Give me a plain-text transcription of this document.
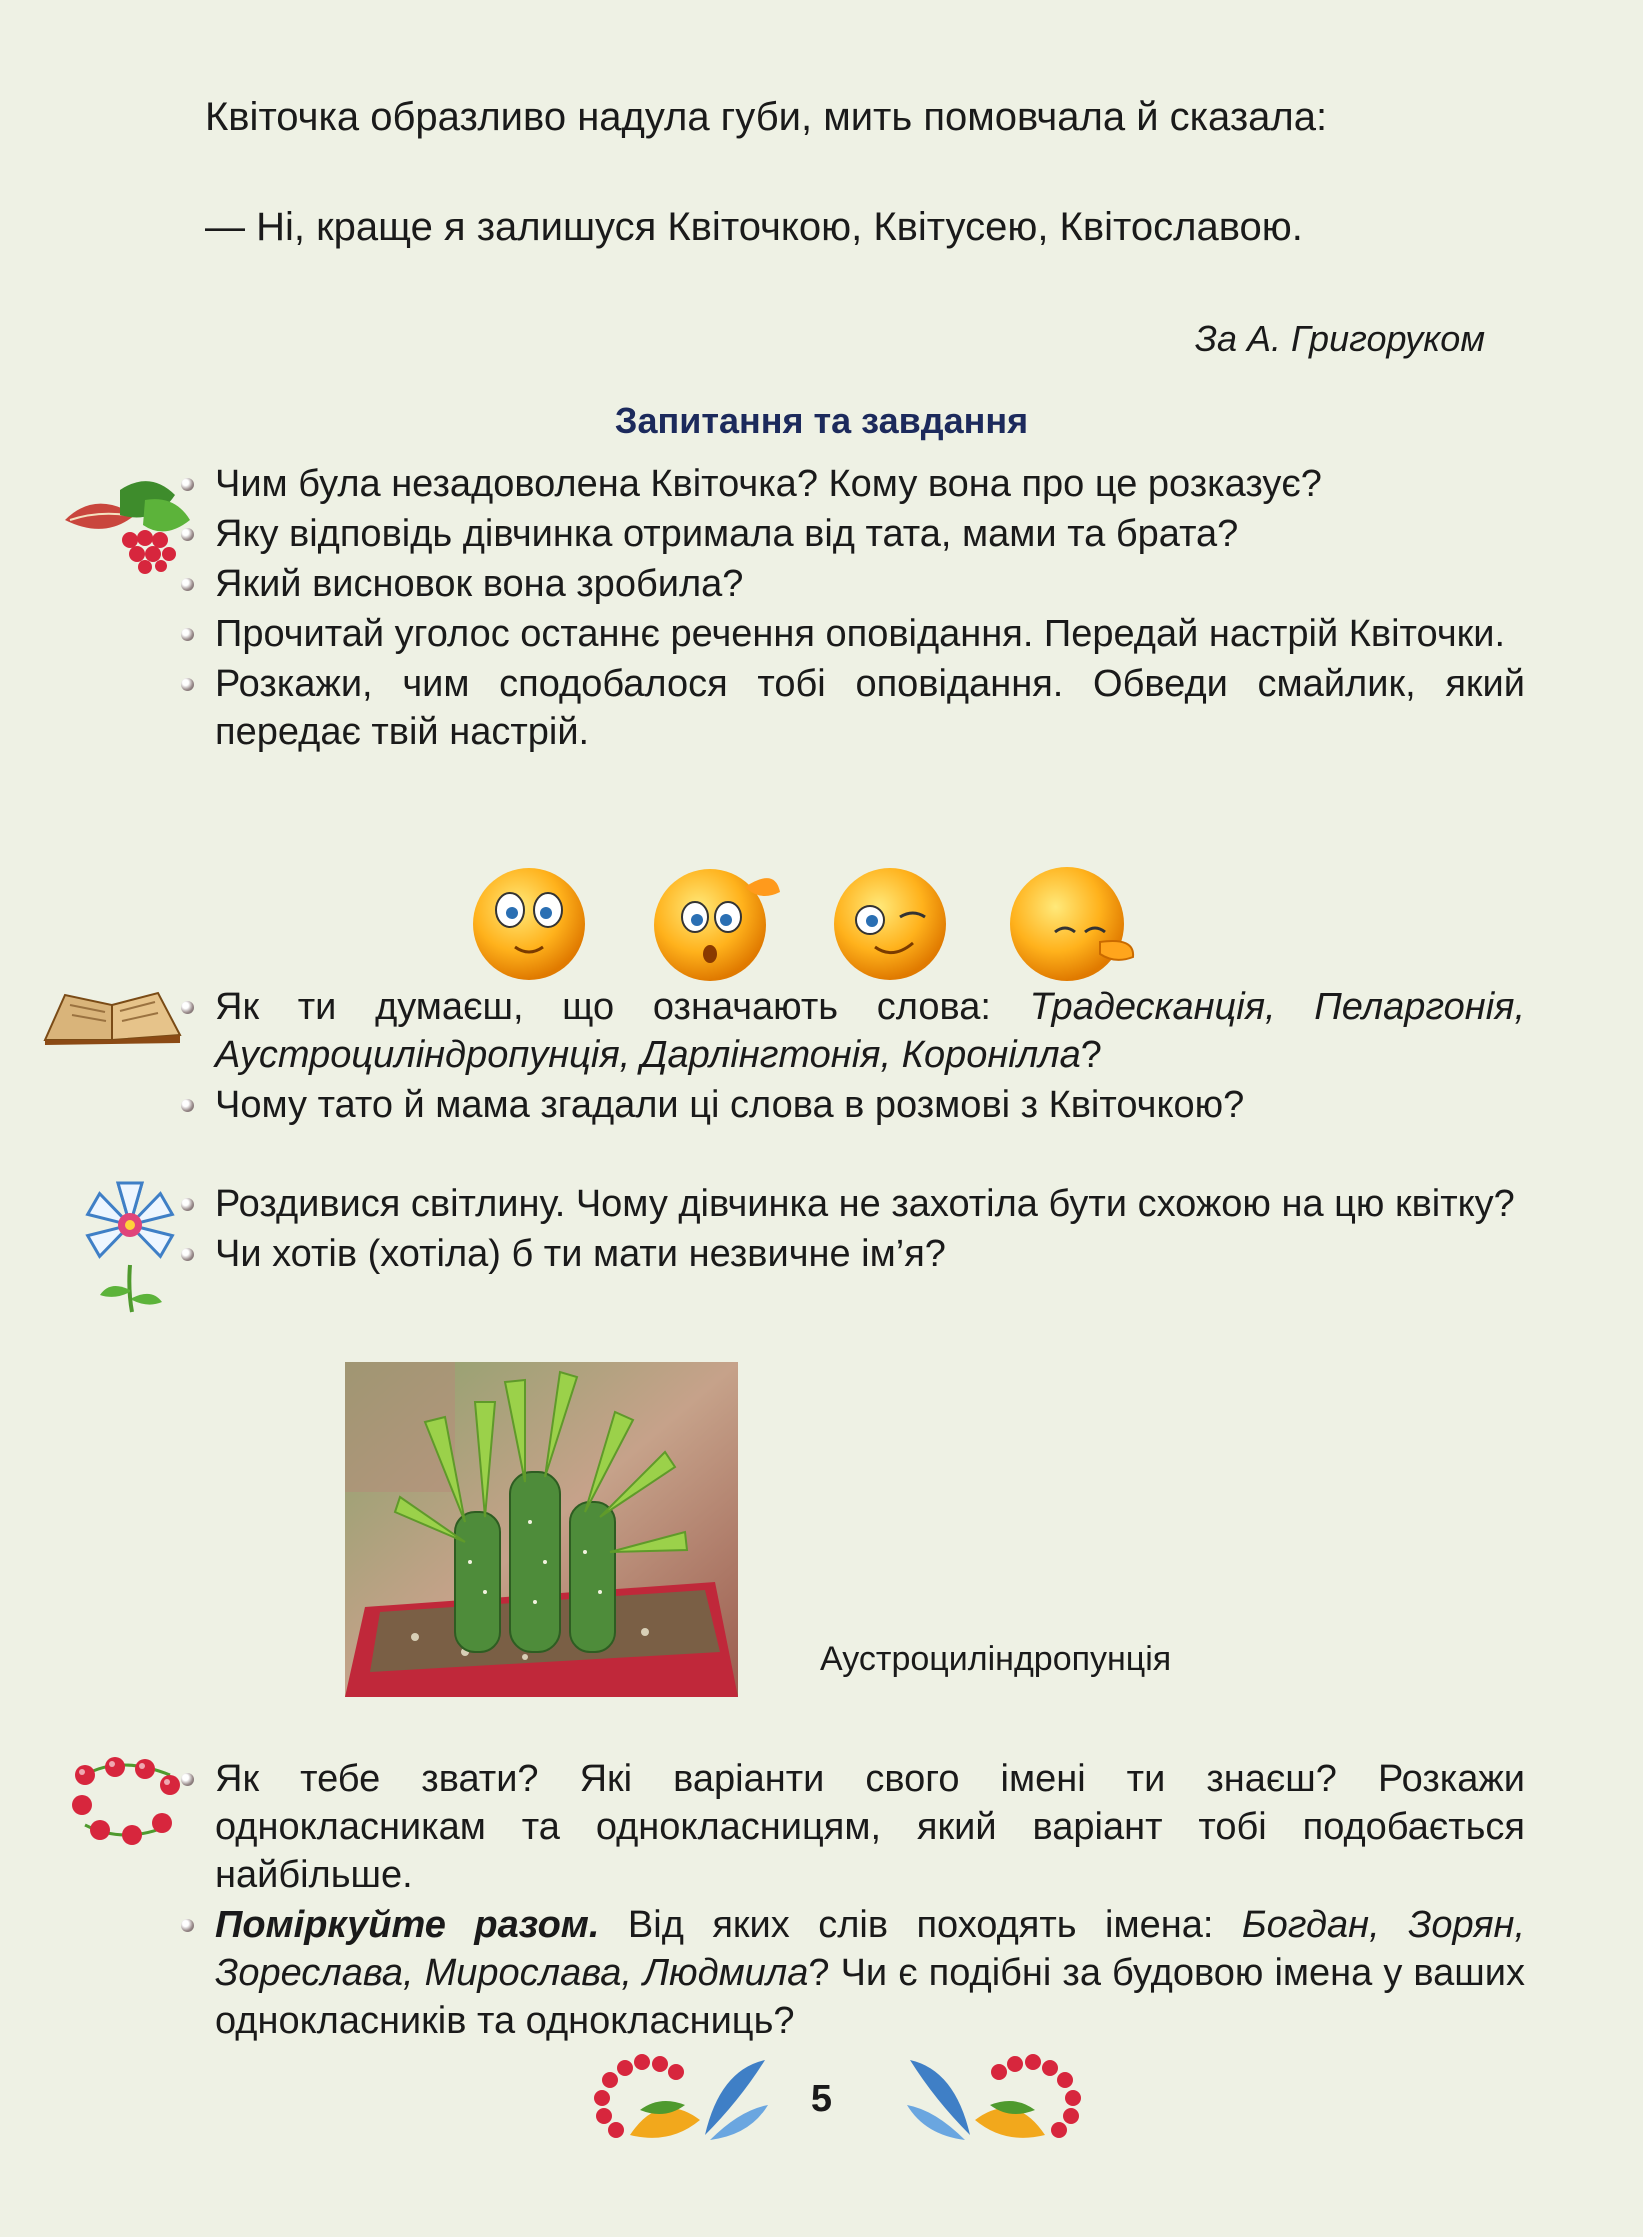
Квіточка образливо надула губи, мить помовчала й сказала:
— Ні, краще я залишуся Квіточкою, Квітусею, Квітославою.
За А. Григоруком
Запитання та завдання
Чим була незадоволена Квіточка? Кому вона про це розказує?
Яку відповідь дівчинка отримала від тата, мами та брата?
Який висновок вона зробила?
Прочитай уголос останнє речення оповідання. Передай настрій Квіточки.
Розкажи, чим сподобалося тобі оповідання. Обведи смайлик, який передає твій настрій.
Як ти думаєш, що означають слова: Традесканція, Пеларгонія, Аустроциліндропунція, Дарлінгтонія, Коронілла?
Чому тато й мама згадали ці слова в розмові з Квіточкою?
Роздивися світлину. Чому дівчинка не захотіла бути схожою на цю квітку?
Чи хотів (хотіла) б ти мати незвичне ім’я?
Аустроциліндропунція
Як тебе звати? Які варіанти свого імені ти знаєш? Розкажи однокласникам та однокласницям, який варіант тобі подобається найбільше.
Поміркуйте разом. Від яких слів походять імена: Богдан, Зорян, Зореслава, Мирослава, Людмила? Чи є подібні за будовою імена у ваших однокласників та однокласниць?
5
